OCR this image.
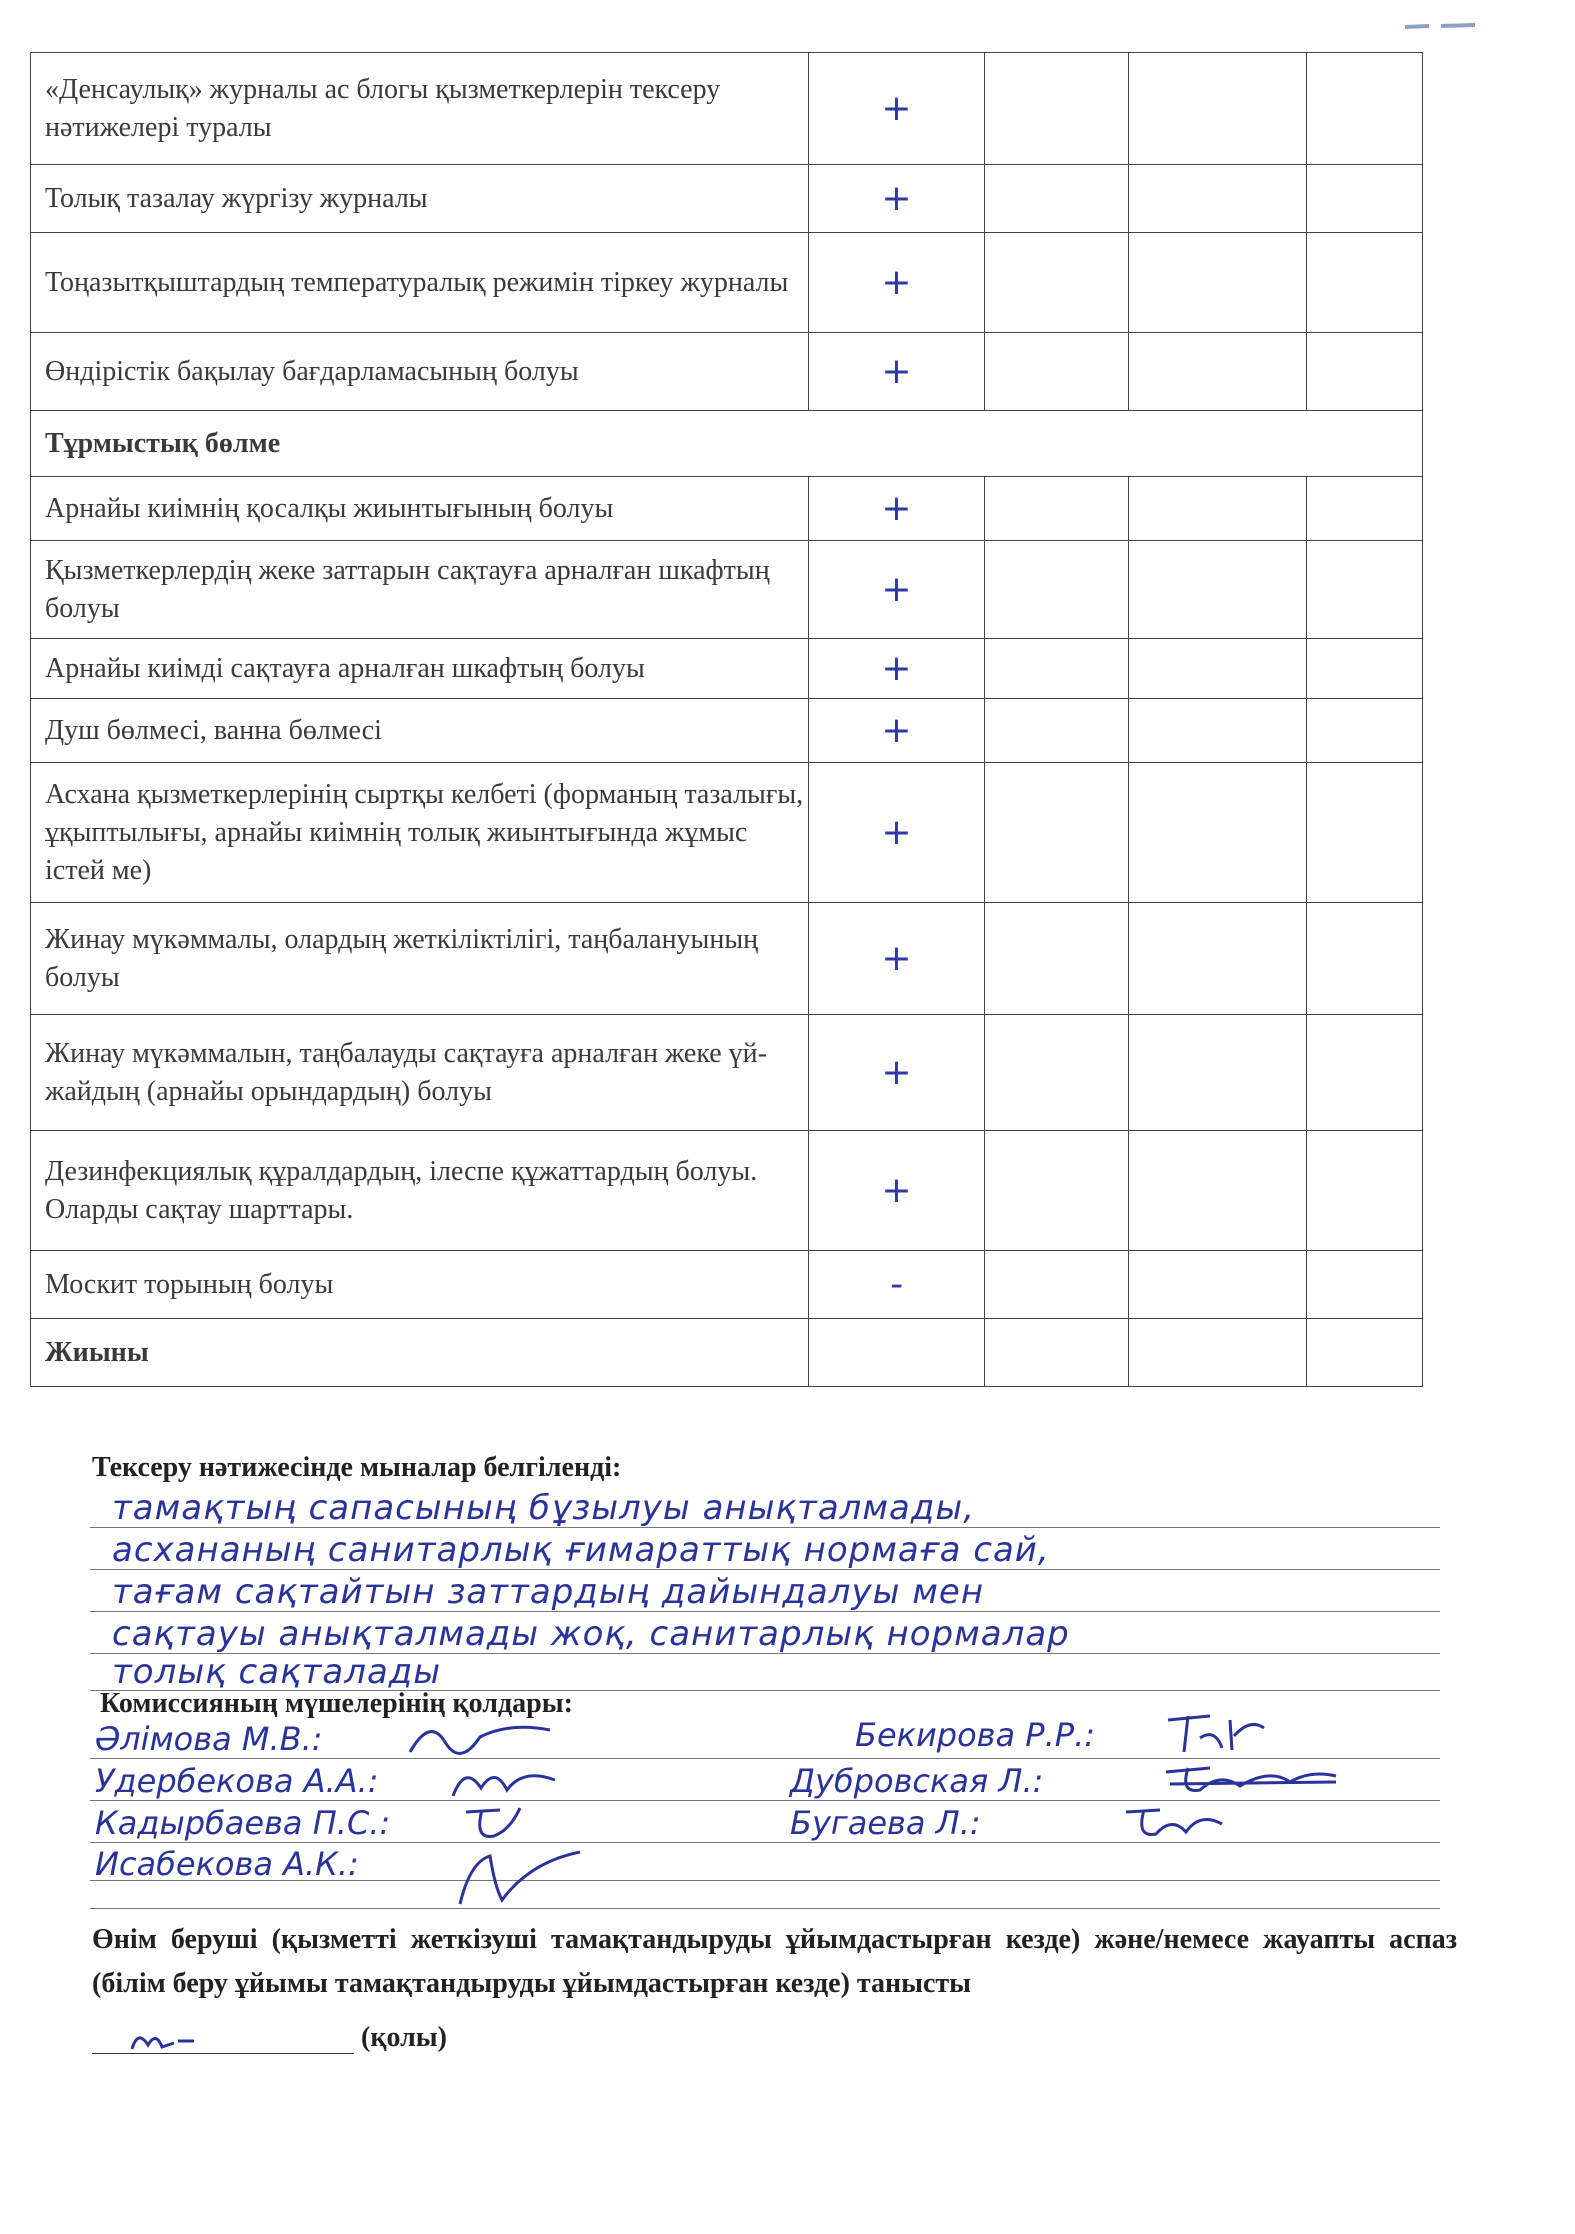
«Денсаулық» журналы ас блогы қызметкерлерін тексеру нәтижелері туралы	+			
Толық тазалау жүргізу журналы	+			
Тоңазытқыштардың температуралық режимін тіркеу журналы	+			
Өндірістік бақылау бағдарламасының болуы	+			
Тұрмыстық бөлме				
Арнайы киімнің қосалқы жиынтығының болуы	+			
Қызметкерлердің жеке заттарын сақтауға арналған шкафтың болуы	+			
Арнайы киімді сақтауға арналған шкафтың болуы	+			
Душ бөлмесі, ванна бөлмесі	+			
Асхана қызметкерлерінің сыртқы келбеті (форманың тазалығы, ұқыптылығы, арнайы киімнің толық жиынтығында жұмыс істей ме)	+			
Жинау мүкәммалы, олардың жеткіліктілігі, таңбалануының болуы	+			
Жинау мүкәммалын, таңбалауды сақтауға арналған жеке үй-жайдың (арнайы орындардың) болуы	+			
Дезинфекциялық құралдардың, ілеспе құжаттардың болуы. Оларды сақтау шарттары.	+			
Москит торының болуы	-			
Жиыны				
Тексеру нәтижесінде мыналар белгіленді:
тамақтың сапасының бұзылуы анықталмады,
асхананың санитарлық ғимараттық нормаға сай,
тағам сақтайтын заттардың дайындалуы мен
сақтауы анықталмады жоқ, санитарлық нормалар
толық сақталады
Комиссияның мүшелерінің қолдары:
Әлімова М.В.:
Удербекова А.А.:
Кадырбаева П.С.:
Исабекова А.К.:
Бекирова Р.Р.:
Дубровская Л.:
Бугаева Л.:
Өнім беруші (қызметті жеткізуші тамақтандыруды ұйымдастырған кезде) және/немесе жауапты аспаз (білім беру ұйымы тамақтандыруды ұйымдастырған кезде) танысты
(қолы)
